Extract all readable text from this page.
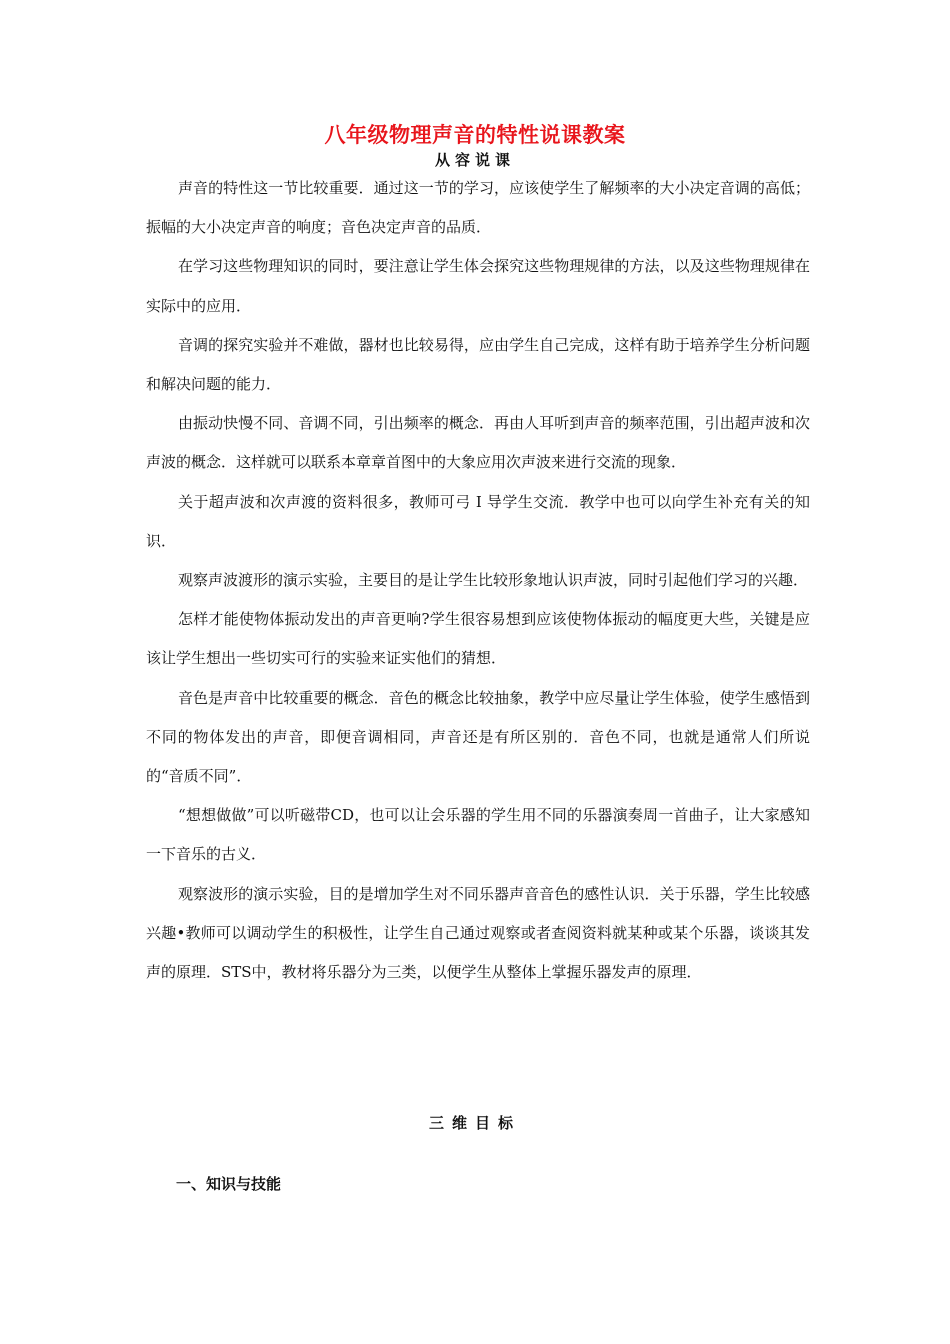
八年级物理声音的特性说课教案
从容说课

声音的特性这一节比较重要．通过这一节的学习，应该使学生了解频率的大小决定音调的高低；振幅的大小决定声音的响度；音色决定声音的品质．

在学习这些物理知识的同时，要注意让学生体会探究这些物理规律的方法，以及这些物理规律在实际中的应用．

音调的探究实验并不难做，器材也比较易得，应由学生自己完成，这样有助于培养学生分析问题和解决问题的能力．

由振动快慢不同、音调不同，引出频率的概念．再由人耳听到声音的频率范围，引出超声波和次声波的概念．这样就可以联系本章章首图中的大象应用次声波来进行交流的现象．

关于超声波和次声渡的资料很多，教师可弓 I 导学生交流．教学中也可以向学生补充有关的知识．

观察声波渡形的演示实验，主要目的是让学生比较形象地认识声波，同时引起他们学习的兴趣．

怎样才能使物体振动发出的声音更响?学生很容易想到应该使物体振动的幅度更大些，关键是应该让学生想出一些切实可行的实验来证实他们的猜想．

音色是声音中比较重要的概念．音色的概念比较抽象，教学中应尽量让学生体验，使学生感悟到不同的物体发出的声音，即便音调相同，声音还是有所区别的．音色不同，也就是通常人们所说的“音质不同”．

“想想做做”可以听磁带CD，也可以让会乐器的学生用不同的乐器演奏周一首曲子，让大家感知一下音乐的古义．

观察波形的演示实验，目的是增加学生对不同乐器声音音色的感性认识．关于乐器，学生比较感兴趣•教师可以调动学生的积极性，让学生自己通过观察或者查阅资料就某种或某个乐器，谈谈其发声的原理．STS中，教材将乐器分为三类，以便学生从整体上掌握乐器发声的原理．

三维目标
一、知识与技能
